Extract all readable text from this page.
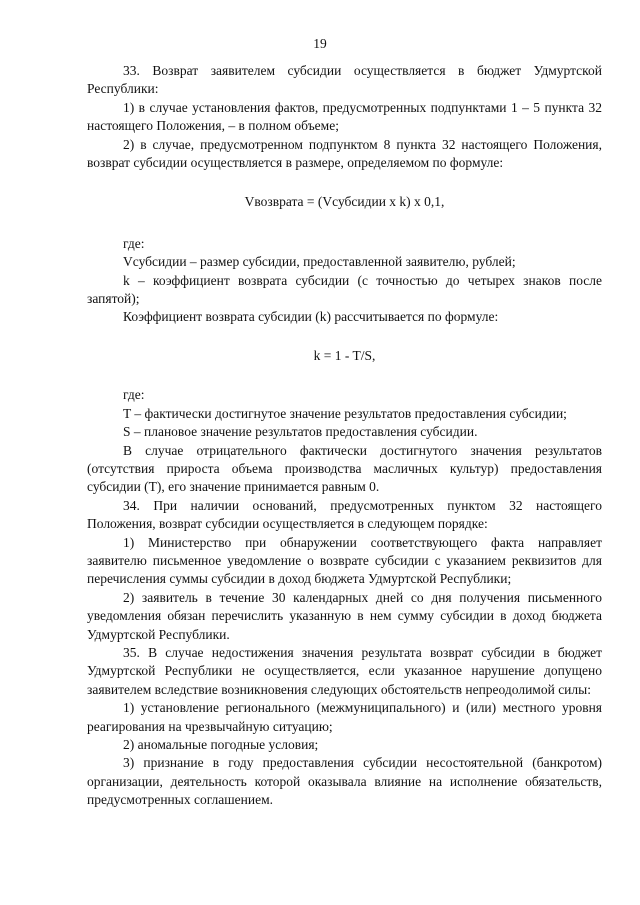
19

33. Возврат заявителем субсидии осуществляется в бюджет Удмуртской Республики:

1) в случае установления фактов, предусмотренных подпунктами 1 – 5 пункта 32 настоящего Положения, – в полном объеме;

2) в случае, предусмотренном подпунктом 8 пункта 32 настоящего Положения, возврат субсидии осуществляется в размере, определяемом по формуле:

Vвозврата = (Vсубсидии x k) x 0,1,

где:

Vсубсидии – размер субсидии, предоставленной заявителю, рублей;

k – коэффициент возврата субсидии (с точностью до четырех знаков после запятой);

Коэффициент возврата субсидии (k) рассчитывается по формуле:

k = 1 - T/S,

где:

T – фактически достигнутое значение результатов предоставления субсидии;

S – плановое значение результатов предоставления субсидии.

В случае отрицательного фактически достигнутого значения результатов (отсутствия прироста объема производства масличных культур) предоставления субсидии (Т), его значение принимается равным 0.

34. При наличии оснований, предусмотренных пунктом 32 настоящего Положения, возврат субсидии осуществляется в следующем порядке:

1) Министерство при обнаружении соответствующего факта направляет заявителю письменное уведомление о возврате субсидии с указанием реквизитов для перечисления суммы субсидии в доход бюджета Удмуртской Республики;

2) заявитель в течение 30 календарных дней со дня получения письменного уведомления обязан перечислить указанную в нем сумму субсидии в доход бюджета Удмуртской Республики.

35. В случае недостижения значения результата возврат субсидии в бюджет Удмуртской Республики не осуществляется, если указанное нарушение допущено заявителем вследствие возникновения следующих обстоятельств непреодолимой силы:

1) установление регионального (межмуниципального) и (или) местного уровня реагирования на чрезвычайную ситуацию;

2) аномальные погодные условия;

3) признание в году предоставления субсидии несостоятельной (банкротом) организации, деятельность которой оказывала влияние на исполнение обязательств, предусмотренных соглашением.
